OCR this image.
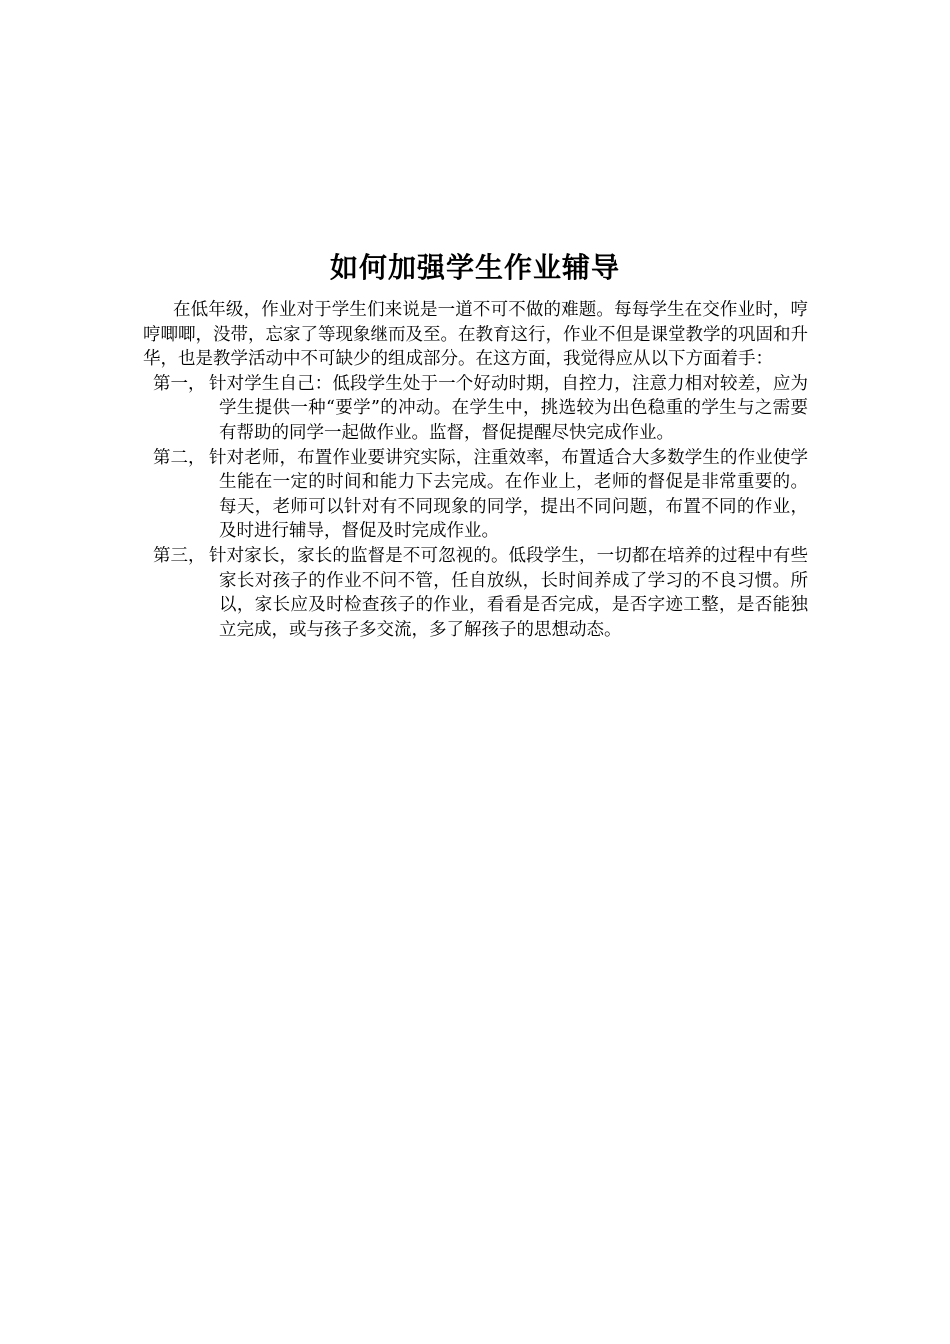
如何加强学生作业辅导

在低年级，作业对于学生们来说是一道不可不做的难题。每每学生在交作业时，哼哼唧唧，没带，忘家了等现象继而及至。在教育这行，作业不但是课堂教学的巩固和升华，也是教学活动中不可缺少的组成部分。在这方面，我觉得应从以下方面着手：

第一， 针对学生自己：低段学生处于一个好动时期，自控力，注意力相对较差，应为学生提供一种“要学”的冲动。在学生中，挑选较为出色稳重的学生与之需要有帮助的同学一起做作业。监督，督促提醒尽快完成作业。
第二， 针对老师，布置作业要讲究实际，注重效率，布置适合大多数学生的作业使学生能在一定的时间和能力下去完成。在作业上，老师的督促是非常重要的。每天，老师可以针对有不同现象的同学，提出不同问题，布置不同的作业，及时进行辅导，督促及时完成作业。
第三， 针对家长，家长的监督是不可忽视的。低段学生，一切都在培养的过程中有些家长对孩子的作业不问不管，任自放纵，长时间养成了学习的不良习惯。所以，家长应及时检查孩子的作业，看看是否完成，是否字迹工整，是否能独立完成，或与孩子多交流，多了解孩子的思想动态。
